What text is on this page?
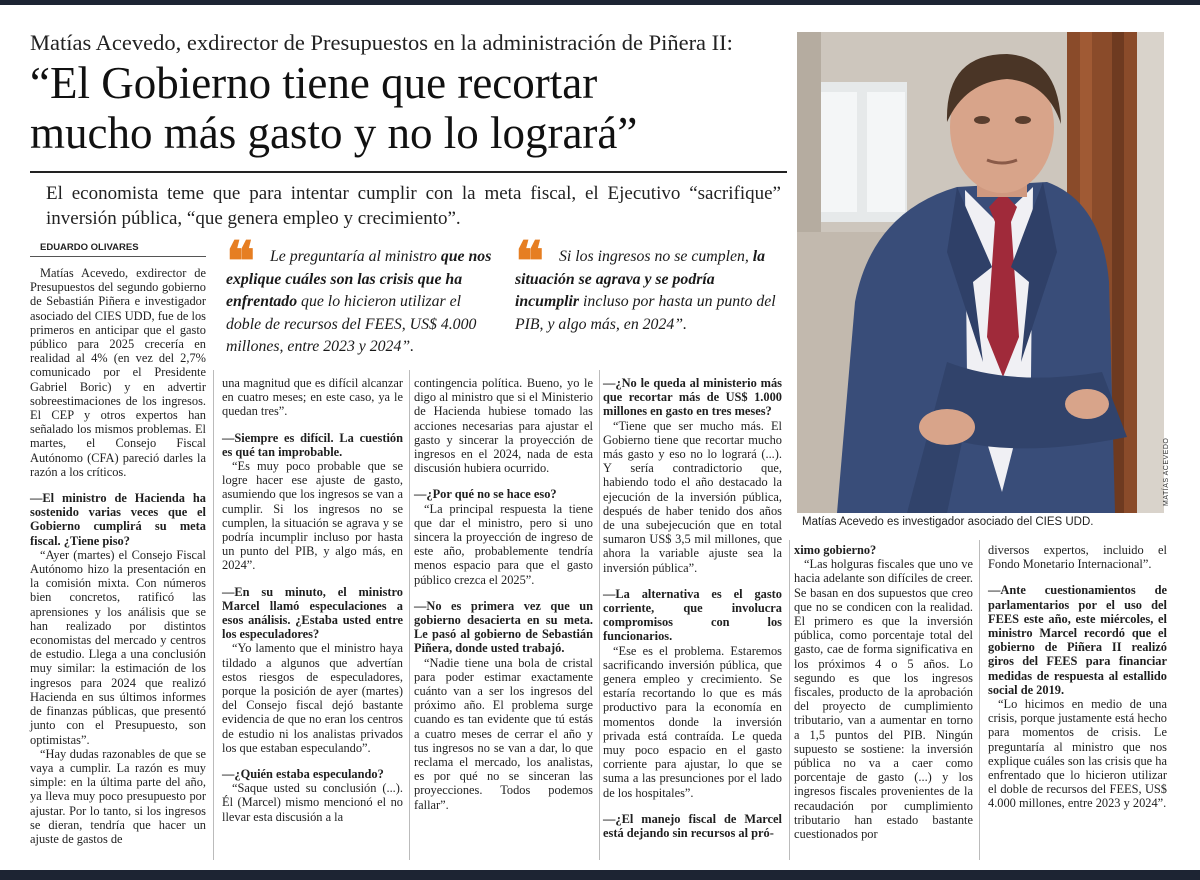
Matías Acevedo, exdirector de Presupuestos en la administración de Piñera II:
“El Gobierno tiene que recortar
mucho más gasto y no lo logrará”
El economista teme que para intentar cumplir con la meta fiscal, el Ejecutivo “sacrifique” inversión pública, “que genera empleo y crecimiento”.
EDUARDO OLIVARES ❝ Le preguntaría al ministro que nos explique cuáles son las crisis que ha enfrentado que lo hicieron utilizar el doble de recursos del FEES, US$ 4.000 millones, entre 2023 y 2024”.
❝ Si los ingresos no se cumplen, la situación se agrava y se podría incumplir incluso por hasta un punto del PIB, y algo más, en 2024”.
MATÍAS ACEVEDO
Matías Acevedo es investigador asociado del CIES UDD.

Matías Acevedo, exdirector de Presupuestos del segundo gobierno de Sebastián Piñera e investigador asociado del CIES UDD, fue de los primeros en anticipar que el gasto público para 2025 crecería en realidad al 4% (en vez del 2,7% comunicado por el Presidente Gabriel Boric) y en advertir sobreestimaciones de los ingresos. El CEP y otros expertos han señalado los mismos problemas. El martes, el Consejo Fiscal Autónomo (CFA) pareció darles la razón a los críticos.

—El ministro de Hacienda ha sostenido varias veces que el Gobierno cumplirá su meta fiscal. ¿Tiene piso?

“Ayer (martes) el Consejo Fiscal Autónomo hizo la presentación en la comisión mixta. Con números bien concretos, ratificó las aprensiones y los análisis que se han realizado por distintos economistas del mercado y centros de estudio. Llega a una conclusión muy similar: la estimación de los ingresos para 2024 que realizó Hacienda en sus últimos informes de finanzas públicas, que presentó junto con el Presupuesto, son optimistas”.

“Hay dudas razonables de que se vaya a cumplir. La razón es muy simple: en la última parte del año, ya lleva muy poco presupuesto por ajustar. Por lo tanto, si los ingresos se dieran, tendría que hacer un ajuste de gastos de

una magnitud que es difícil alcanzar en cuatro meses; en este caso, ya le quedan tres”.

—Siempre es difícil. La cuestión es qué tan improbable.

“Es muy poco probable que se logre hacer ese ajuste de gasto, asumiendo que los ingresos se van a cumplir. Si los ingresos no se cumplen, la situación se agrava y se podría incumplir incluso por hasta un punto del PIB, y algo más, en 2024”.

—En su minuto, el ministro Marcel llamó especulaciones a esos análisis. ¿Estaba usted entre los especuladores?

“Yo lamento que el ministro haya tildado a algunos que advertían estos riesgos de especuladores, porque la posición de ayer (martes) del Consejo fiscal dejó bastante evidencia de que no eran los centros de estudio ni los analistas privados los que estaban especulando”.

—¿Quién estaba especulando?

“Saque usted su conclusión (...). Él (Marcel) mismo mencionó el no llevar esta discusión a la

contingencia política. Bueno, yo le digo al ministro que si el Ministerio de Hacienda hubiese tomado las acciones necesarias para ajustar el gasto y sincerar la proyección de ingresos en el 2024, nada de esta discusión hubiera ocurrido.

—¿Por qué no se hace eso?

“La principal respuesta la tiene que dar el ministro, pero si uno sincera la proyección de ingreso de este año, probablemente tendría menos espacio para que el gasto público crezca el 2025”.

—No es primera vez que un gobierno desacierta en su meta. Le pasó al gobierno de Sebastián Piñera, donde usted trabajó.

“Nadie tiene una bola de cristal para poder estimar exactamente cuánto van a ser los ingresos del próximo año. El problema surge cuando es tan evidente que tú estás a cuatro meses de cerrar el año y tus ingresos no se van a dar, lo que reclama el mercado, los analistas, es por qué no se sinceran las proyecciones. Todos podemos fallar”.

—¿No le queda al ministerio más que recortar más de US$ 1.000 millones en gasto en tres meses?

“Tiene que ser mucho más. El Gobierno tiene que recortar mucho más gasto y eso no lo logrará (...). Y sería contradictorio que, habiendo todo el año destacado la ejecución de la inversión pública, después de haber tenido dos años de una subejecución que en total sumaron US$ 3,5 mil millones, que ahora la variable ajuste sea la inversión pública”.

—La alternativa es el gasto corriente, que involucra compromisos con los funcionarios.

“Ese es el problema. Estaremos sacrificando inversión pública, que genera empleo y crecimiento. Se estaría recortando lo que es más productivo para la economía en momentos donde la inversión privada está contraída. Le queda muy poco espacio en el gasto corriente para ajustar, lo que se suma a las presunciones por el lado de los hospitales”.

—¿El manejo fiscal de Marcel está dejando sin recursos al pró-

ximo gobierno?

“Las holguras fiscales que uno ve hacia adelante son difíciles de creer. Se basan en dos supuestos que creo que no se condicen con la realidad. El primero es que la inversión pública, como porcentaje total del gasto, cae de forma significativa en los próximos 4 o 5 años. Lo segundo es que los ingresos fiscales, producto de la aprobación del proyecto de cumplimiento tributario, van a aumentar en torno a 1,5 puntos del PIB. Ningún supuesto se sostiene: la inversión pública no va a caer como porcentaje de gasto (...) y los ingresos fiscales provenientes de la recaudación por cumplimiento tributario han estado bastante cuestionados por

diversos expertos, incluido el Fondo Monetario Internacional”.

—Ante cuestionamientos de parlamentarios por el uso del FEES este año, este miércoles, el ministro Marcel recordó que el gobierno de Piñera II realizó giros del FEES para financiar medidas de respuesta al estallido social de 2019.

“Lo hicimos en medio de una crisis, porque justamente está hecho para momentos de crisis. Le preguntaría al ministro que nos explique cuáles son las crisis que ha enfrentado que lo hicieron utilizar el doble de recursos del FEES, US$ 4.000 millones, entre 2023 y 2024”.
